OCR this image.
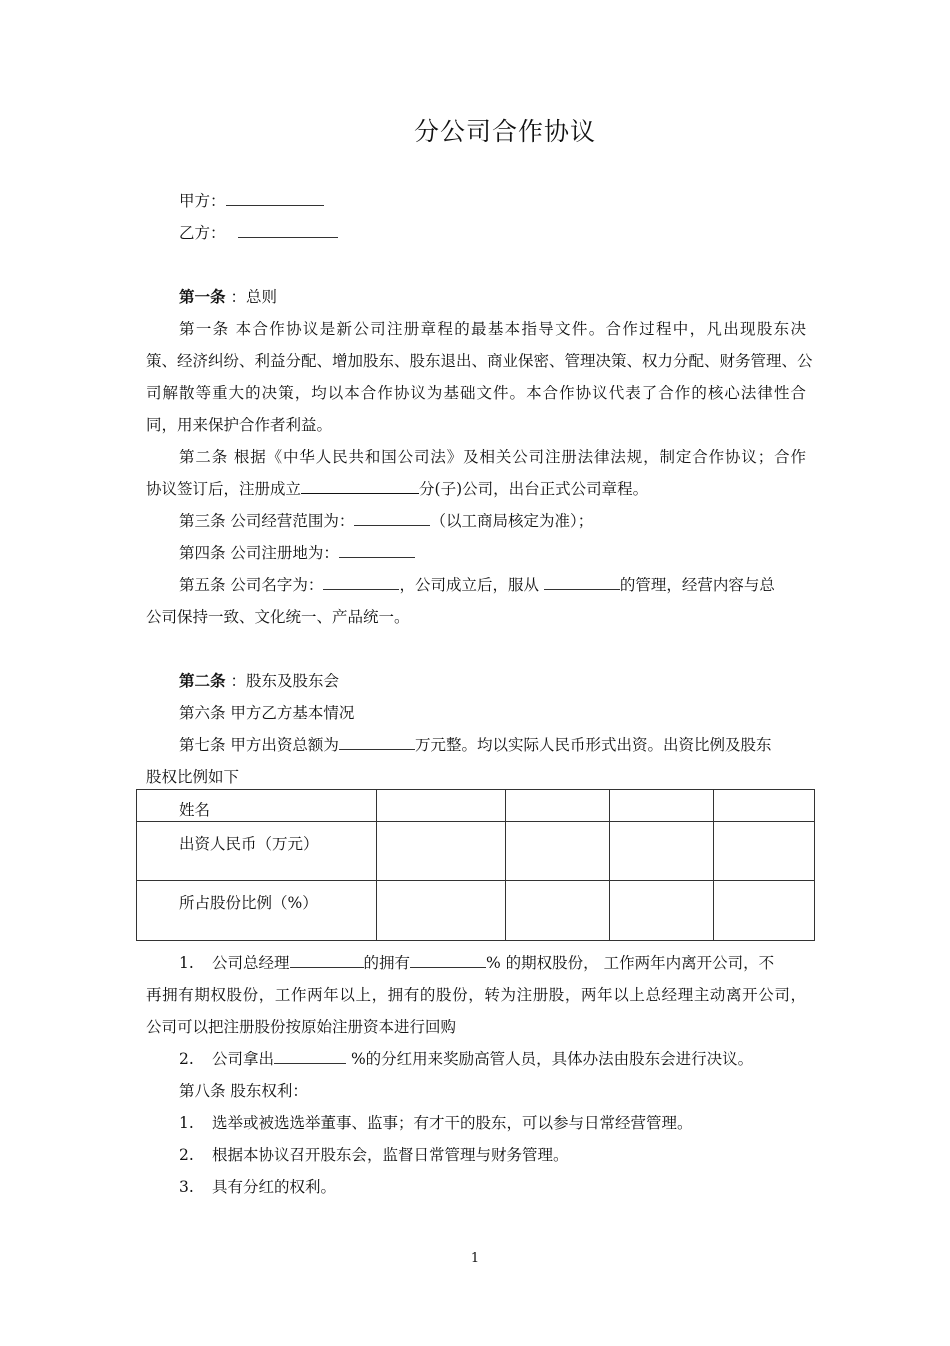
分公司合作协议
甲方：
乙方：
第一条 ：总则
第一条 本合作协议是新公司注册章程的最基本指导文件。合作过程中，凡出现股东决
策、经济纠纷、利益分配、增加股东、股东退出、商业保密、管理决策、权力分配、财务管理、公
司解散等重大的决策，均以本合作协议为基础文件。本合作协议代表了合作的核心法律性合
同，用来保护合作者利益。
第二条 根据《中华人民共和国公司法》及相关公司注册法律法规，制定合作协议；合作
协议签订后，注册成立	分(子)公司，出台正式公司章程。
第三条 公司经营范围为：	（以工商局核定为准）；
第四条 公司注册地为：
第五条 公司名字为：	，公司成立后，服从	的管理，经营内容与总
公司保持一致、文化统一、产品统一。
第二条 ：股东及股东会
第六条 甲方乙方基本情况
第七条 甲方出资总额为	万元整。均以实际人民币形式出资。出资比例及股东
股权比例如下
姓名				
出资人民币（万元）				
所占股份比例（%）				
1. 公司总经理	的拥有	% 的期权股份， 工作两年内离开公司，不
再拥有期权股份，工作两年以上，拥有的股份，转为注册股，两年以上总经理主动离开公司，
公司可以把注册股份按原始注册资本进行回购
2. 公司拿出	%的分红用来奖励高管人员，具体办法由股东会进行决议。
第八条 股东权利：
1. 选举或被选选举董事、监事；有才干的股东，可以参与日常经营管理。
2. 根据本协议召开股东会，监督日常管理与财务管理。
3. 具有分红的权利。
1
